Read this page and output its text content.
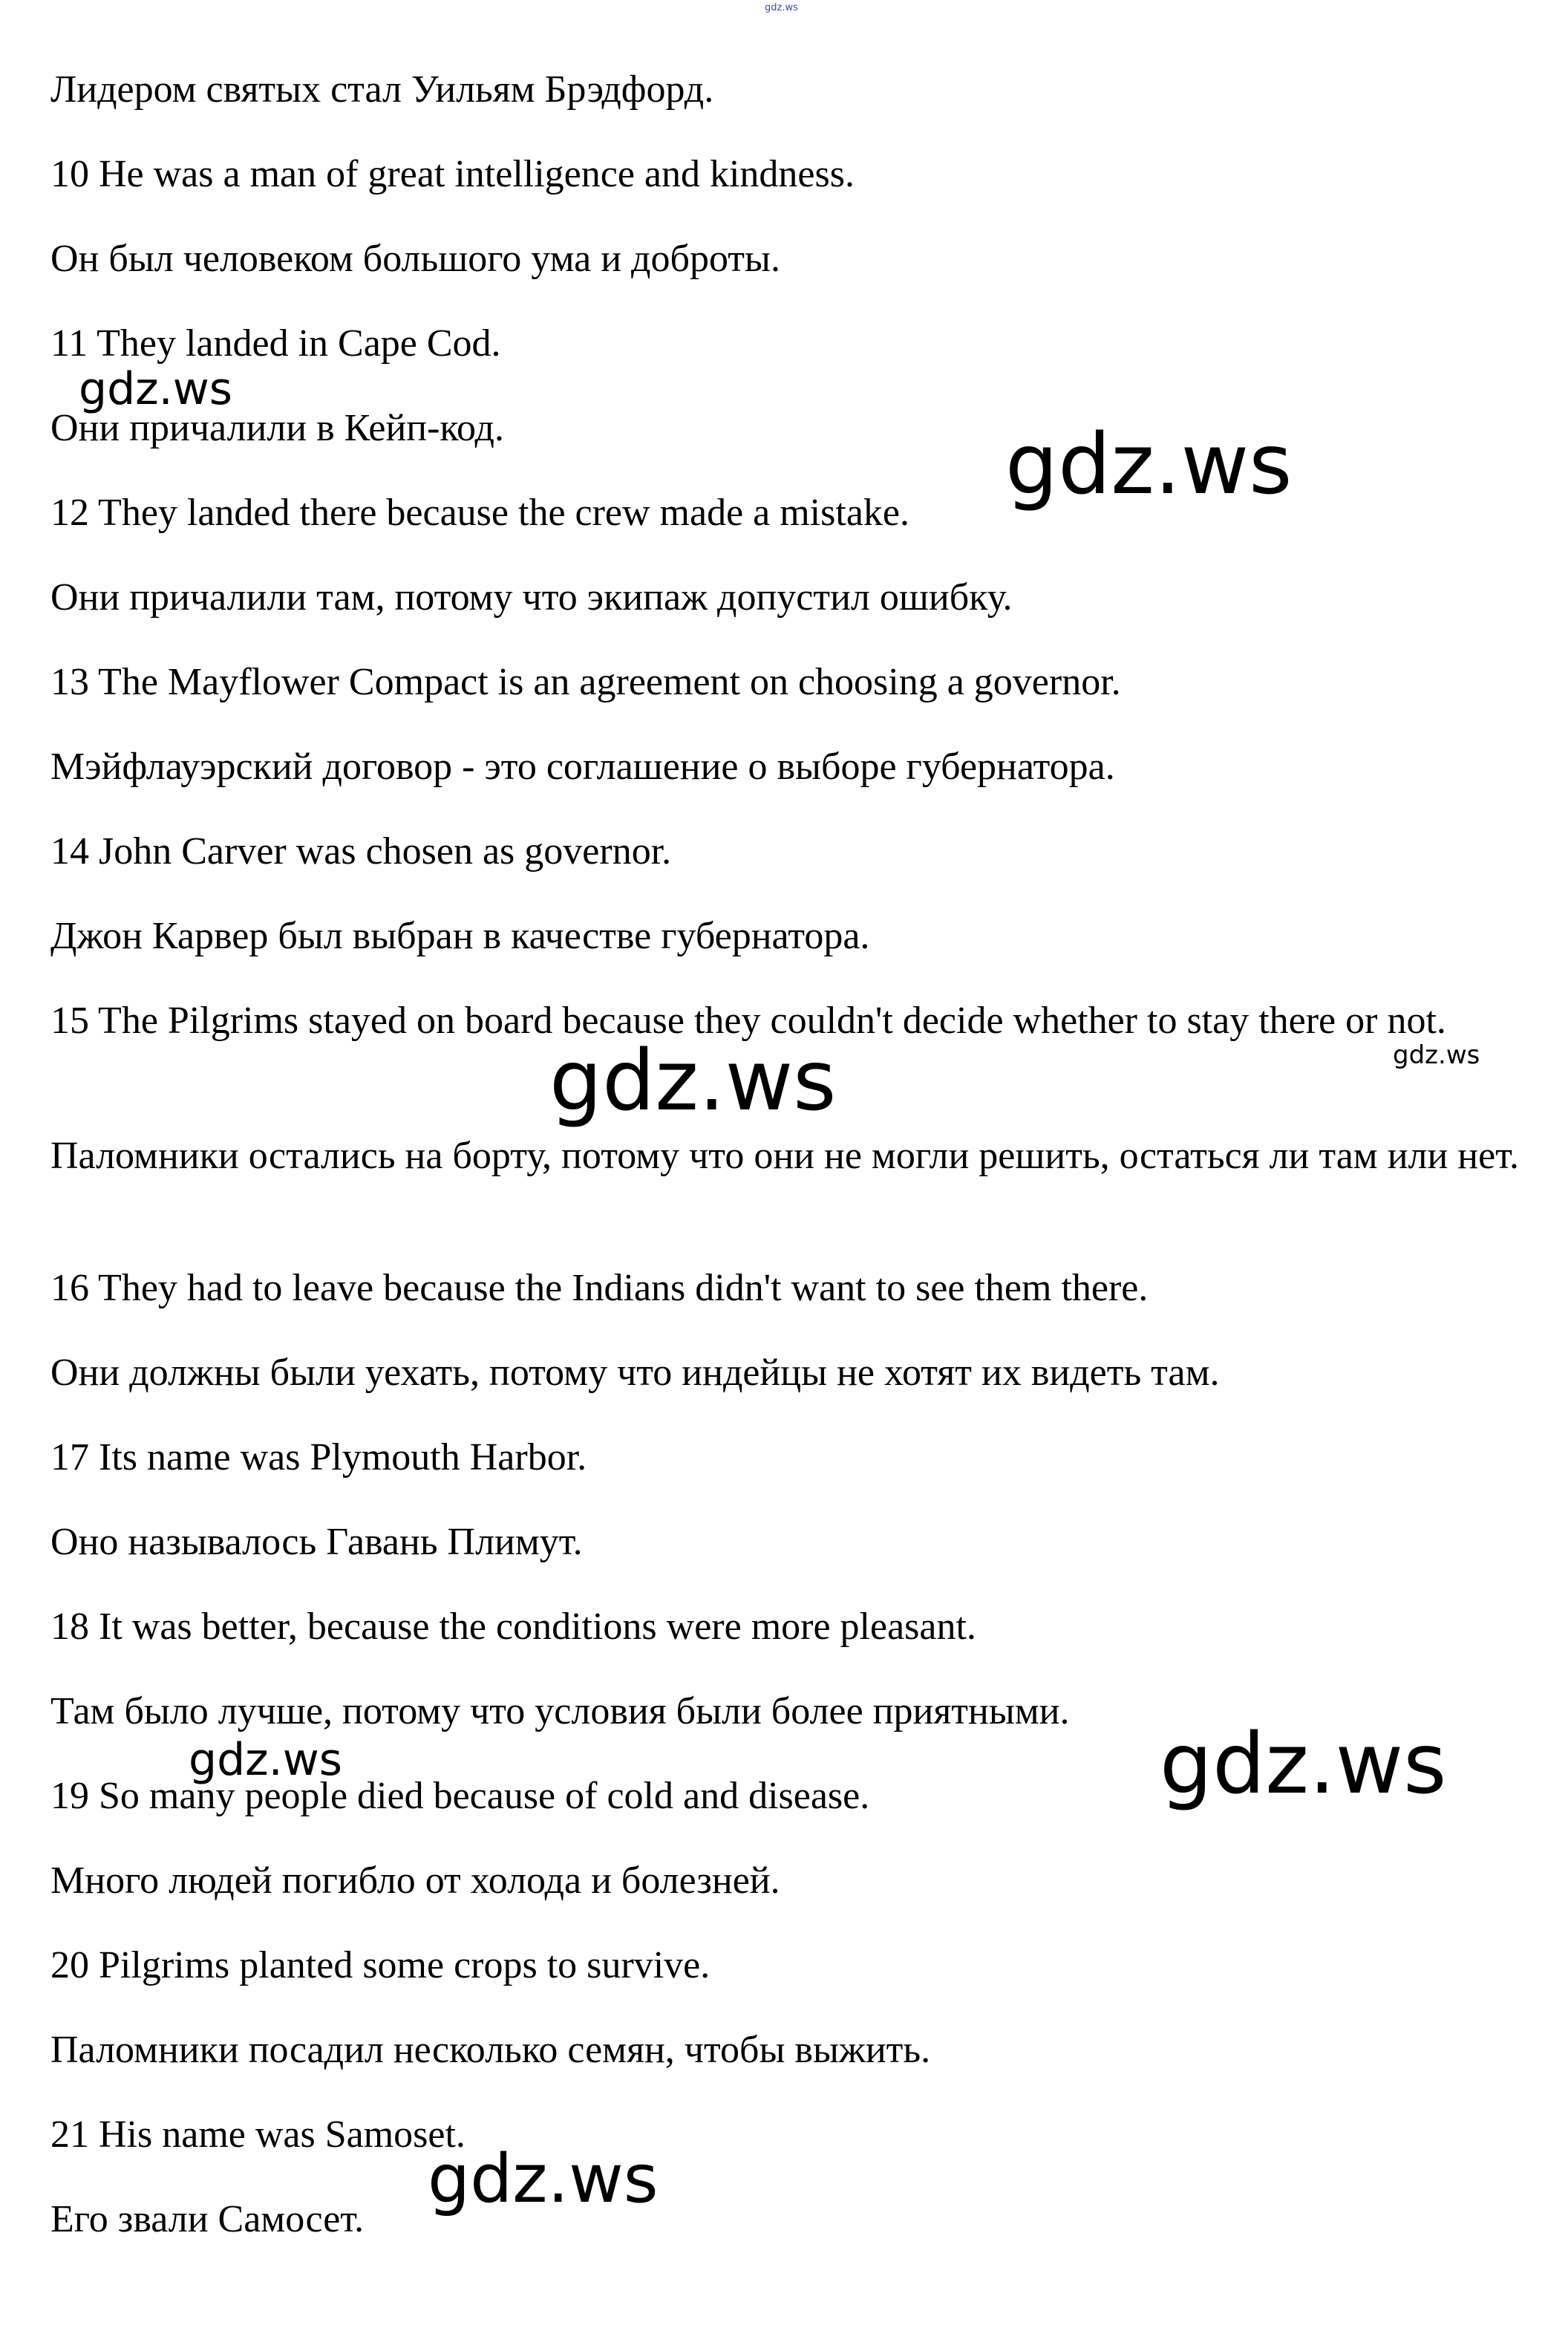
gdz.ws

Лидером святых стал Уильям Брэдфорд.

10 He was a man of great intelligence and kindness.

Он был человеком большого ума и доброты.

11 They landed in Cape Cod.

Они причалили в Кейп-код.

12 They landed there because the crew made a mistake.

Они причалили там, потому что экипаж допустил ошибку.

13 The Mayflower Compact is an agreement on choosing a governor.

Мэйфлауэрский договор - это соглашение о выборе губернатора.

14 John Carver was chosen as governor.

Джон Карвер был выбран в качестве губернатора.

15 The Pilgrims stayed on board because they couldn't decide whether to stay there or not.

Паломники остались на борту, потому что они не могли решить, остаться ли там или нет.

16 They had to leave because the Indians didn't want to see them there.

Они должны были уехать, потому что индейцы не хотят их видеть там.

17 Its name was Plymouth Harbor.

Оно называлось Гавань Плимут.

18 It was better, because the conditions were more pleasant.

Там было лучше, потому что условия были более приятными.

19 So many people died because of cold and disease.

Много людей погибло от холода и болезней.

20 Pilgrims planted some crops to survive.

Паломники посадил несколько семян, чтобы выжить.

21 His name was Samoset.

Его звали Самосет.

gdz.ws
gdz.ws
gdz.ws
gdz.ws
gdz.ws	gdz.ws
gdz.ws
